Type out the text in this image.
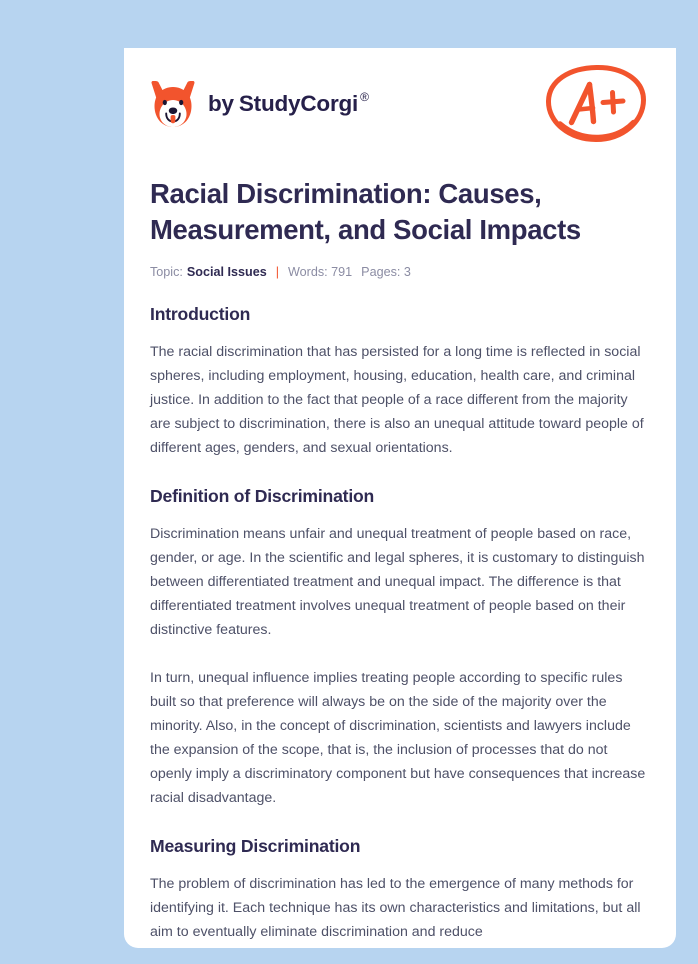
by StudyCorgi ®
Racial Discrimination: Causes, Measurement, and Social Impacts
Topic: Social Issues | Words: 791 Pages: 3
Introduction

The racial discrimination that has persisted for a long time is reflected in social spheres, including employment, housing, education, health care, and criminal justice. In addition to the fact that people of a race different from the majority are subject to discrimination, there is also an unequal attitude toward people of different ages, genders, and sexual orientations.

Definition of Discrimination

Discrimination means unfair and unequal treatment of people based on race, gender, or age. In the scientific and legal spheres, it is customary to distinguish between differentiated treatment and unequal impact. The difference is that differentiated treatment involves unequal treatment of people based on their distinctive features.

In turn, unequal influence implies treating people according to specific rules built so that preference will always be on the side of the majority over the minority. Also, in the concept of discrimination, scientists and lawyers include the expansion of the scope, that is, the inclusion of processes that do not openly imply a discriminatory component but have consequences that increase racial disadvantage.

Measuring Discrimination

The problem of discrimination has led to the emergence of many methods for identifying it. Each technique has its own characteristics and limitations, but all aim to eventually eliminate discrimination and reduce
